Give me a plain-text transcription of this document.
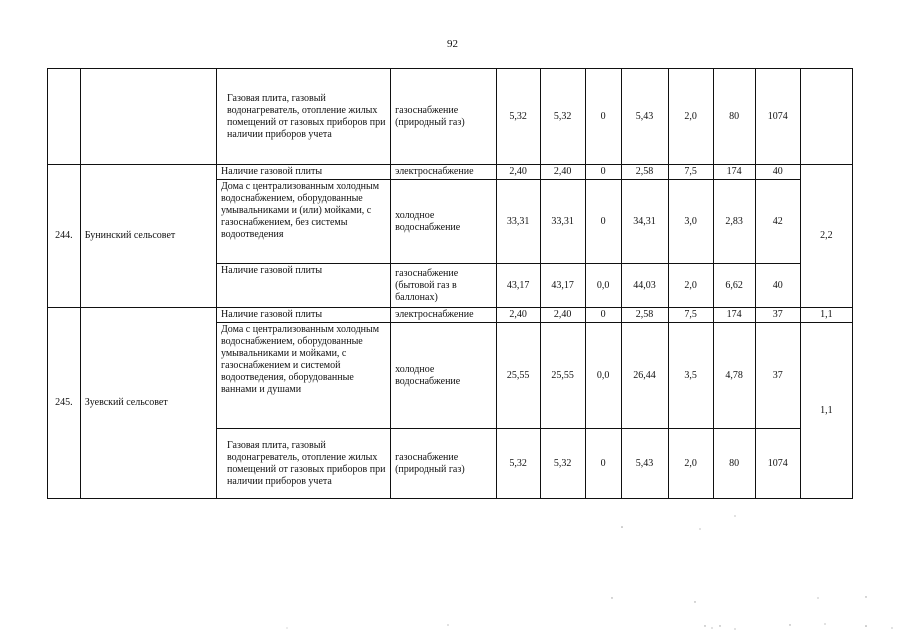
92
		Газовая плита, газовый водонагреватель, отопление жилых помещений от газовых приборов при наличии приборов учета	газоснабжение (природный газ)	5,32	5,32	0	5,43	2,0	80	1074	
244.	Бунинский сельсовет	Наличие газовой плиты	электроснабжение	2,40	2,40	0	2,58	7,5	174	40	2,2
		Дома с централизованным холодным водоснабжением, оборудованные умывальниками и (или) мойками, с газоснабжением, без системы водоотведения	холодное водоснабжение	33,31	33,31	0	34,31	3,0	2,83	42	
		Наличие газовой плиты	газоснабжение (бытовой газ в баллонах)	43,17	43,17	0,0	44,03	2,0	6,62	40	
245.	Зуевский сельсовет	Наличие газовой плиты	электроснабжение	2,40	2,40	0	2,58	7,5	174	37	1,1
		Дома с централизованным холодным водоснабжением, оборудованные умывальниками и мойками, с газоснабжением и системой водоотведения, оборудованные ваннами и душами	холодное водоснабжение	25,55	25,55	0,0	26,44	3,5	4,78	37	1,1
		Газовая плита, газовый водонагреватель, отопление жилых помещений от газовых приборов при наличии приборов учета	газоснабжение (природный газ)	5,32	5,32	0	5,43	2,0	80	1074	
